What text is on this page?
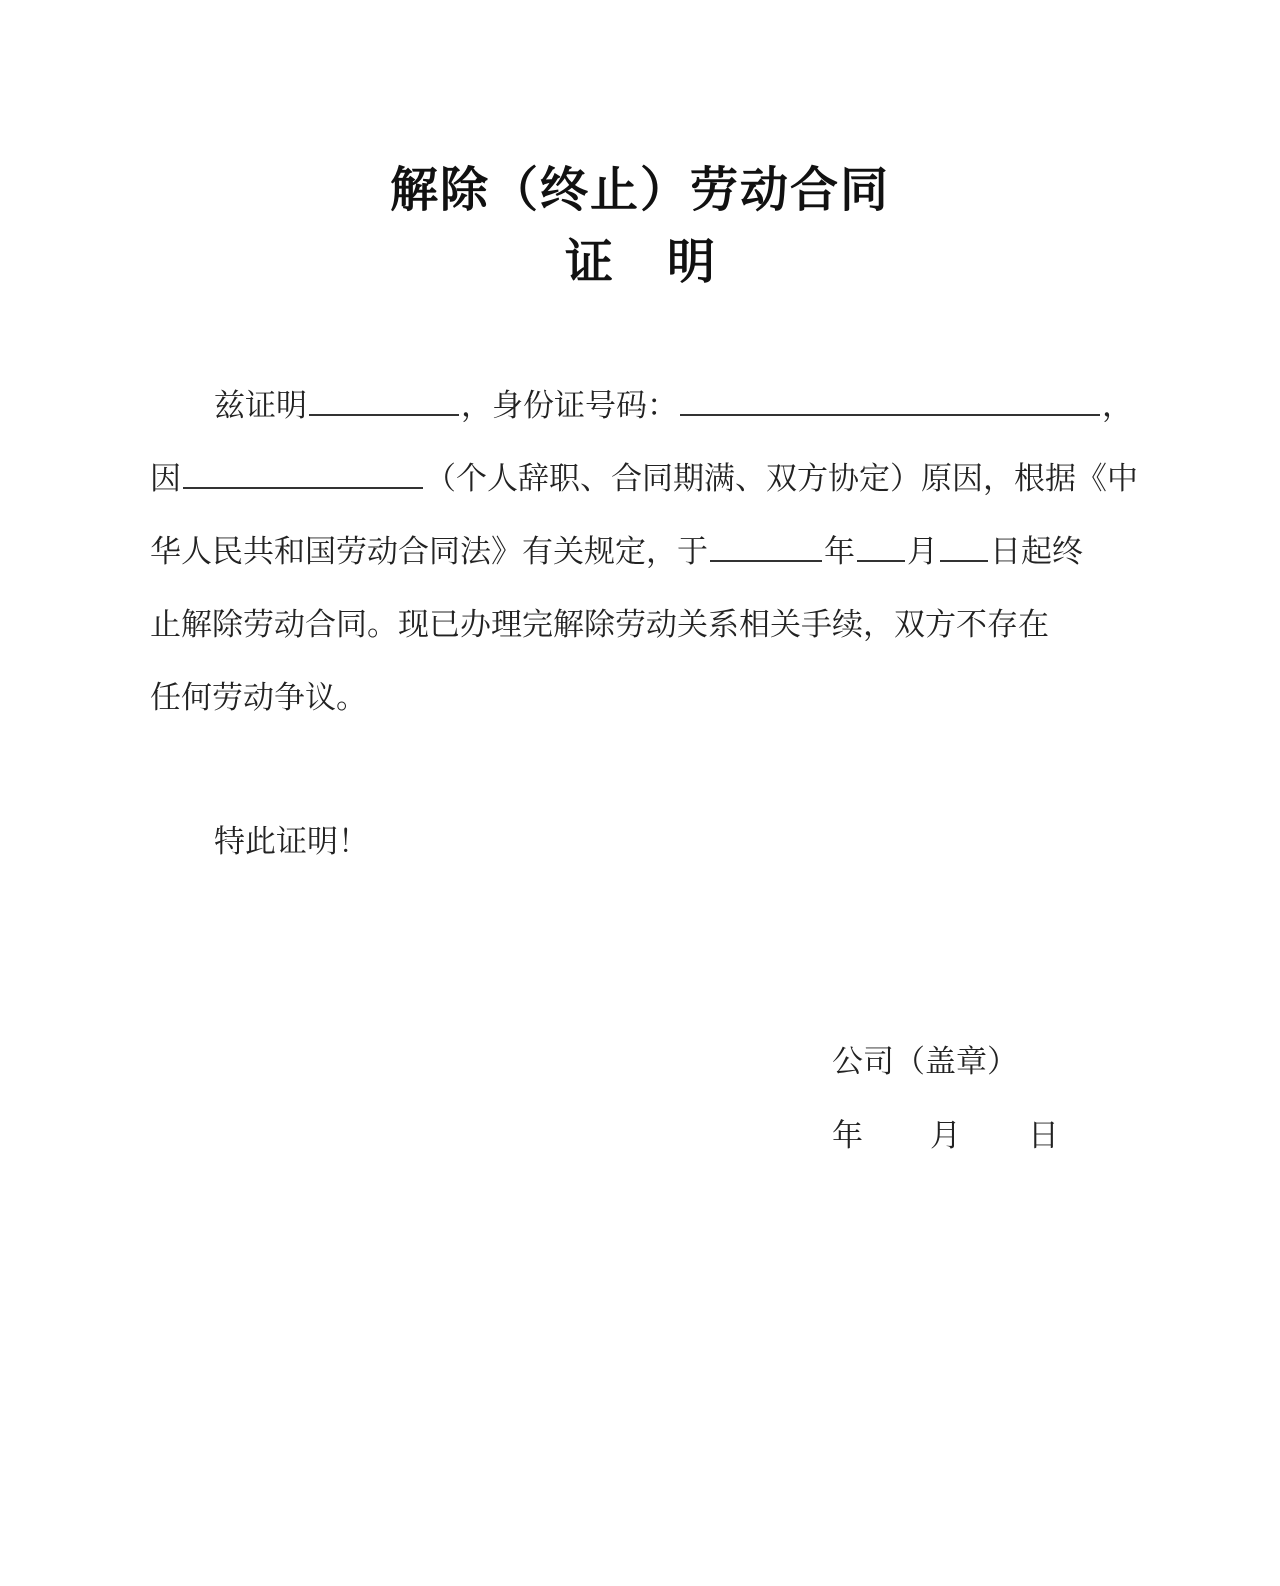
解除（终止）劳动合同
证 明
兹证明	，身份证号码：	，
因	（个人辞职、合同期满、双方协定）原因，根据《中
华人民共和国劳动合同法》有关规定，于	年 月 日起终
止解除劳动合同。现已办理完解除劳动关系相关手续，双方不存在
任何劳动争议。
特此证明！
公司（盖章）
年 月 日
